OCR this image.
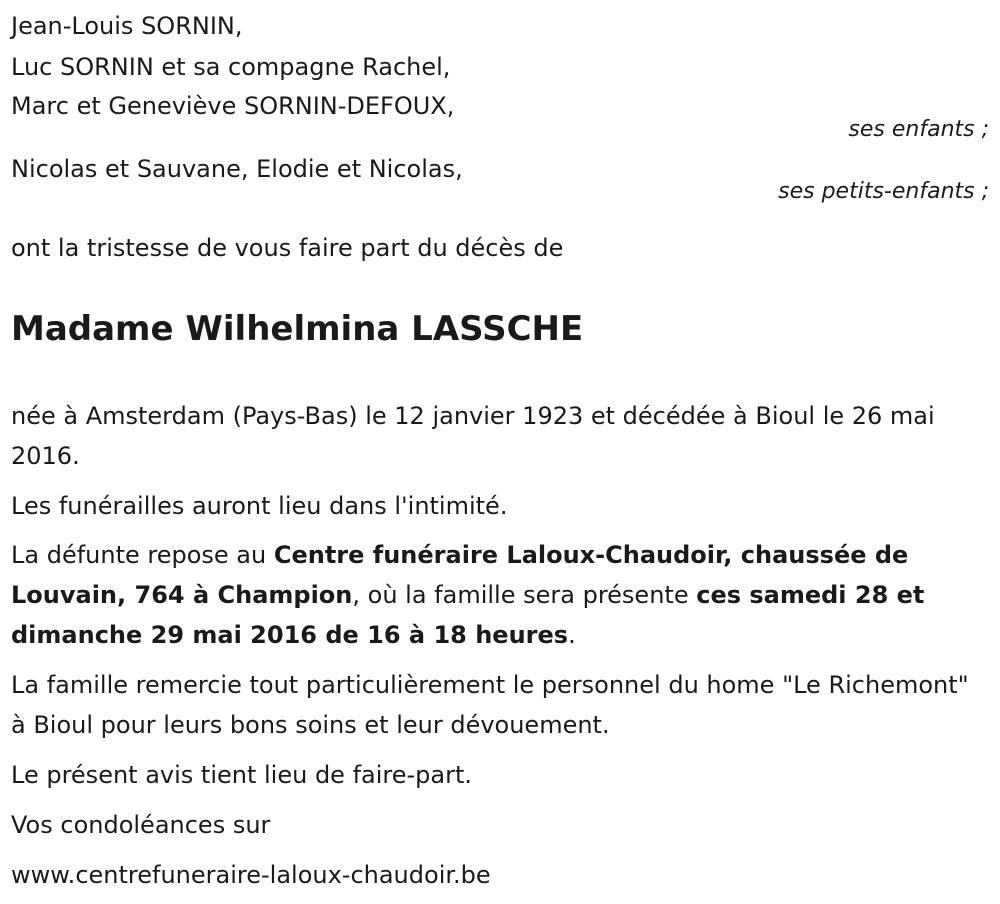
Jean-Louis SORNIN,
Luc SORNIN et sa compagne Rachel,
Marc et Geneviève SORNIN-DEFOUX,
ses enfants ;
Nicolas et Sauvane, Elodie et Nicolas,
ses petits-enfants ;
ont la tristesse de vous faire part du décès de
Madame Wilhelmina LASSCHE
née à Amsterdam (Pays-Bas) le 12 janvier 1923 et décédée à Bioul le 26 mai 2016.
Les funérailles auront lieu dans l'intimité.
La défunte repose au Centre funéraire Laloux-Chaudoir, chaussée de Louvain, 764 à Champion, où la famille sera présente ces samedi 28 et dimanche 29 mai 2016 de 16 à 18 heures.
La famille remercie tout particulièrement le personnel du home "Le Richemont" à Bioul pour leurs bons soins et leur dévouement.
Le présent avis tient lieu de faire-part.
Vos condoléances sur
www.centrefuneraire-laloux-chaudoir.be
